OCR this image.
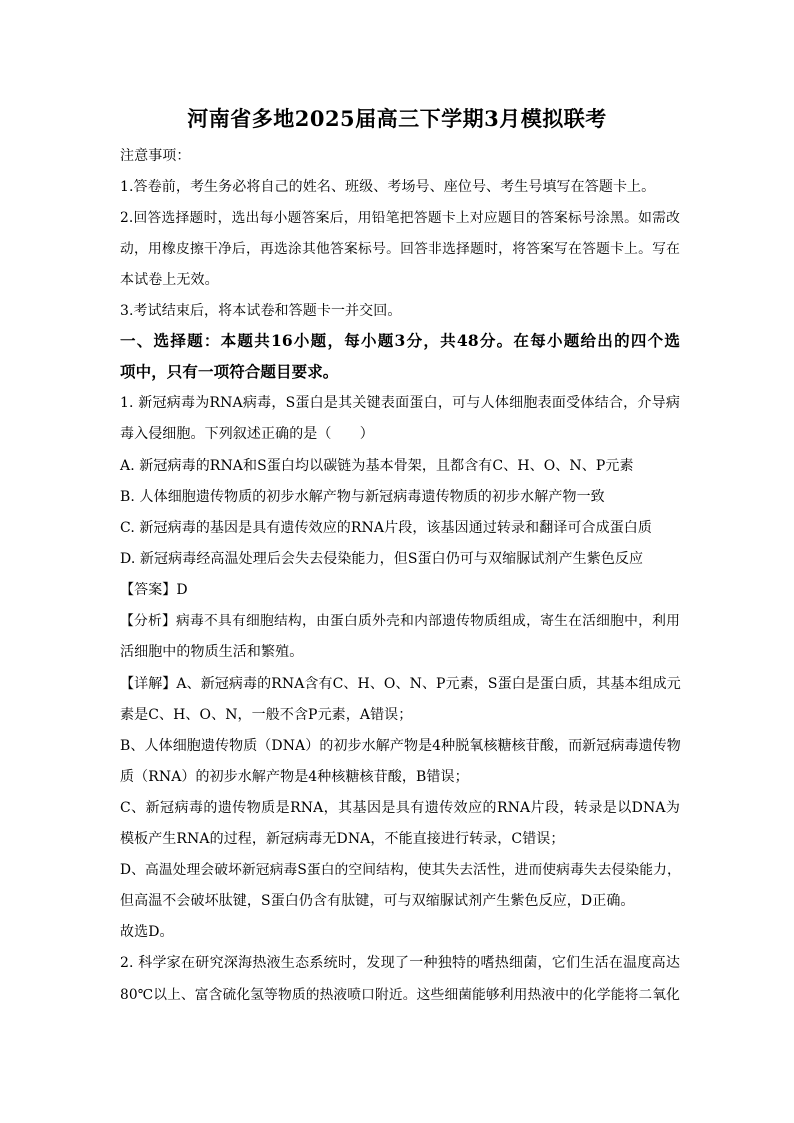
河南省多地2025届高三下学期3月模拟联考
注意事项：
1.答卷前，考生务必将自己的姓名、班级、考场号、座位号、考生号填写在答题卡上。
2.回答选择题时，选出每小题答案后，用铅笔把答题卡上对应题目的答案标号涂黑。如需改
动，用橡皮擦干净后，再选涂其他答案标号。回答非选择题时，将答案写在答题卡上。写在
本试卷上无效。
3.考试结束后，将本试卷和答题卡一并交回。
一、选择题：本题共16小题，每小题3分，共48分。在每小题给出的四个选
项中，只有一项符合题目要求。
1. 新冠病毒为RNA病毒，S蛋白是其关键表面蛋白，可与人体细胞表面受体结合，介导病
毒入侵细胞。下列叙述正确的是（　　）
A. 新冠病毒的RNA和S蛋白均以碳链为基本骨架，且都含有C、H、O、N、P元素
B. 人体细胞遗传物质的初步水解产物与新冠病毒遗传物质的初步水解产物一致
C. 新冠病毒的基因是具有遗传效应的RNA片段，该基因通过转录和翻译可合成蛋白质
D. 新冠病毒经高温处理后会失去侵染能力，但S蛋白仍可与双缩脲试剂产生紫色反应
【答案】D
【分析】病毒不具有细胞结构，由蛋白质外壳和内部遗传物质组成，寄生在活细胞中，利用
活细胞中的物质生活和繁殖。
【详解】A、新冠病毒的RNA含有C、H、O、N、P元素，S蛋白是蛋白质，其基本组成元
素是C、H、O、N，一般不含P元素，A错误；
B、人体细胞遗传物质（DNA）的初步水解产物是4种脱氧核糖核苷酸，而新冠病毒遗传物
质（RNA）的初步水解产物是4种核糖核苷酸，B错误；
C、新冠病毒的遗传物质是RNA，其基因是具有遗传效应的RNA片段，转录是以DNA为
模板产生RNA的过程，新冠病毒无DNA，不能直接进行转录，C错误；
D、高温处理会破坏新冠病毒S蛋白的空间结构，使其失去活性，进而使病毒失去侵染能力，
但高温不会破坏肽键，S蛋白仍含有肽键，可与双缩脲试剂产生紫色反应，D正确。
故选D。
2. 科学家在研究深海热液生态系统时，发现了一种独特的嗜热细菌，它们生活在温度高达
80℃以上、富含硫化氢等物质的热液喷口附近。这些细菌能够利用热液中的化学能将二氧化
